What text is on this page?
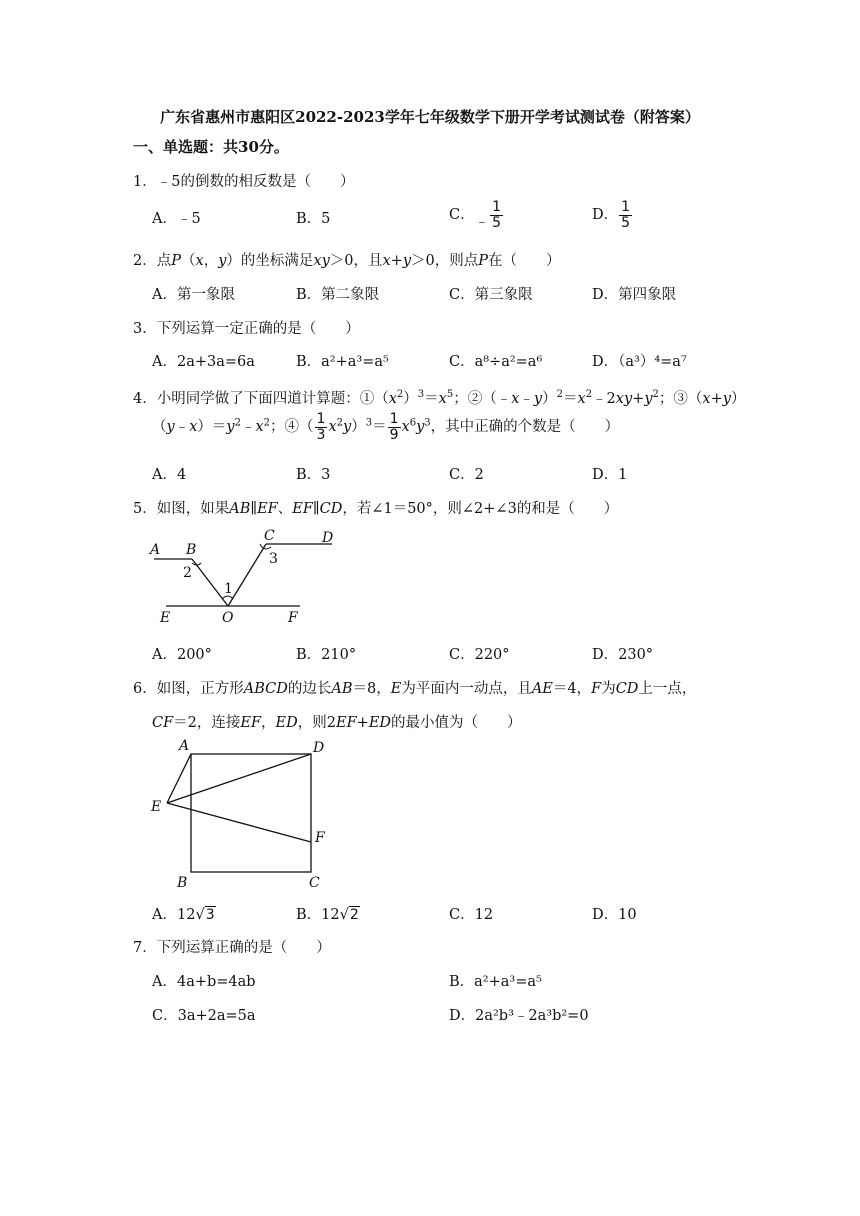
广东省惠州市惠阳区2022-2023学年七年级数学下册开学考试测试卷（附答案）
一、单选题：共30分。
1．﹣5的倒数的相反数是（　　）
A．﹣5	B．5	C．﹣ $\frac{1}{5}$	D． $\frac{1}{5}$
2．点P（x，y）的坐标满足xy＞0，且x+y＞0，则点P在（　　）
A．第一象限	B．第二象限	C．第三象限	D．第四象限
3．下列运算一定正确的是（　　）
A．2a+3a=6a	B．a²+a³=a⁵	C．a⁸÷a²=a⁶	D．（a³）⁴=a⁷
4．小明同学做了下面四道计算题：$①(x^2)^3=x^5$；$②(﹣x﹣y)^2=x^2﹣2xy+y^2$；③（x+y）
$(y﹣x)=y^2﹣x^2$；④（ $\frac{1}{3} x^2y)^3= \frac{1}{9} x^6y^3$，其中正确的个数是（　　）
A．4	B．3	C．2	D．1
5．如图，如果AB∥EF、EF∥CD，若∠1＝50°，则∠2+∠3的和是（　　）
A B
C	D
E	O	F
1
2
3
A．200°	B．210°	C．220°	D．230°
6．如图，正方形ABCD的边长AB＝8，E为平面内一动点，且AE＝4，F为CD上一点，
CF＝2，连接EF，ED，则2EF+ED的最小值为（　　）
A	D
E
F
B	C
A．12√3	B．12√2	C．12	D．10
7．下列运算正确的是（　　）
A．4a+b=4ab	B．a²+a³=a⁵
C．3a+2a=5a	D．2a²b³﹣2a³b²=0
